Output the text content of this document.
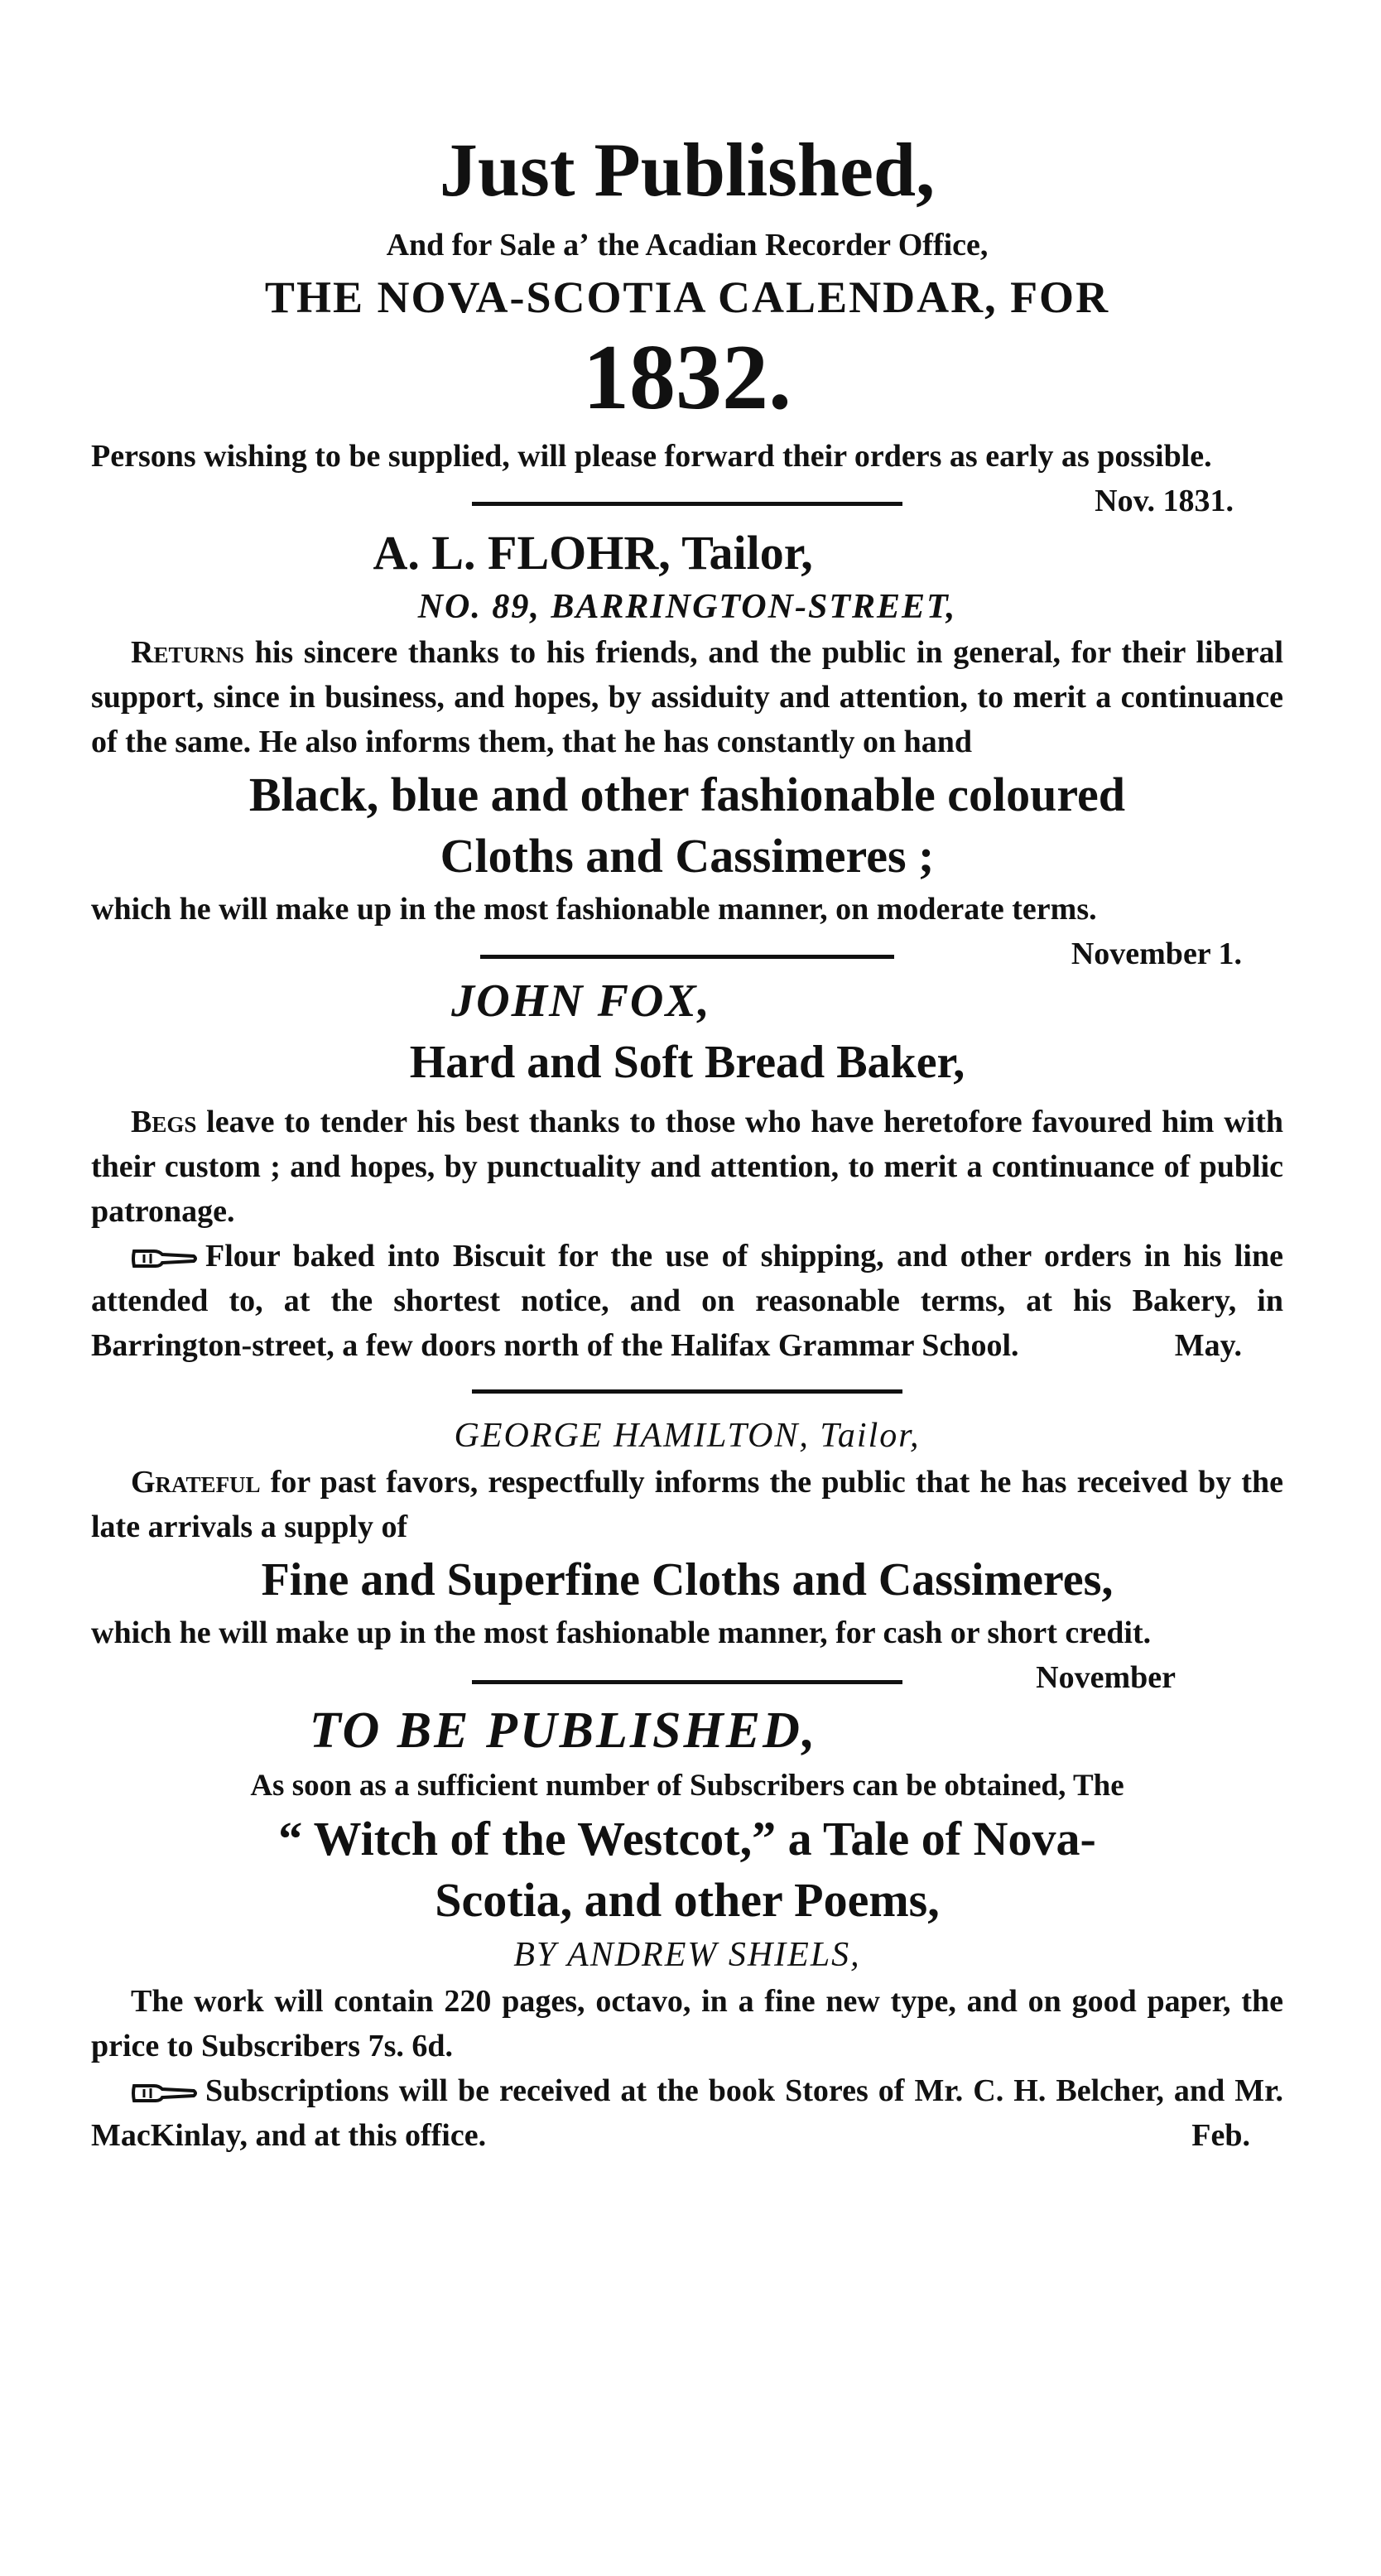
Just Published,
And for Sale aʼ the Acadian Recorder Office,
THE NOVA-SCOTIA CALENDAR, FOR
1832.
Persons wishing to be supplied, will please forward their orders as early as possible.
Nov. 1831.
A. L. FLOHR, Tailor,
NO. 89, BARRINGTON-STREET,
Returns his sincere thanks to his friends, and the public in general, for their liberal support, since in business, and hopes, by assiduity and attention, to merit a continuance of the same. He also informs them, that he has constantly on hand
Black, blue and other fashionable coloured
Cloths and Cassimeres ;
which he will make up in the most fashionable manner, on moderate terms.
November 1.
JOHN FOX,
Hard and Soft Bread Baker,
Begs leave to tender his best thanks to those who have heretofore favoured him with their custom ; and hopes, by punctuality and attention, to merit a continuance of public patronage.
Flour baked into Biscuit for the use of shipping, and other orders in his line attended to, at the shortest notice, and on reasonable terms, at his Bakery, in Barrington-street, a few doors north of the Halifax Grammar School.	May.
GEORGE HAMILTON, Tailor,
Grateful for past favors, respectfully informs the public that he has received by the late arrivals a supply of
Fine and Superfine Cloths and Cassimeres,
which he will make up in the most fashionable manner, for cash or short credit.
November
TO BE PUBLISHED,
As soon as a sufficient number of Subscribers can be obtained, The
“ Witch of the Westcot,” a Tale of Nova-
Scotia, and other Poems,
BY ANDREW SHIELS,
The work will contain 220 pages, octavo, in a fine new type, and on good paper, the price to Subscribers 7s. 6d.
Subscriptions will be received at the book Stores of Mr. C. H. Belcher, and Mr. MacKinlay, and at this office.	Feb.
